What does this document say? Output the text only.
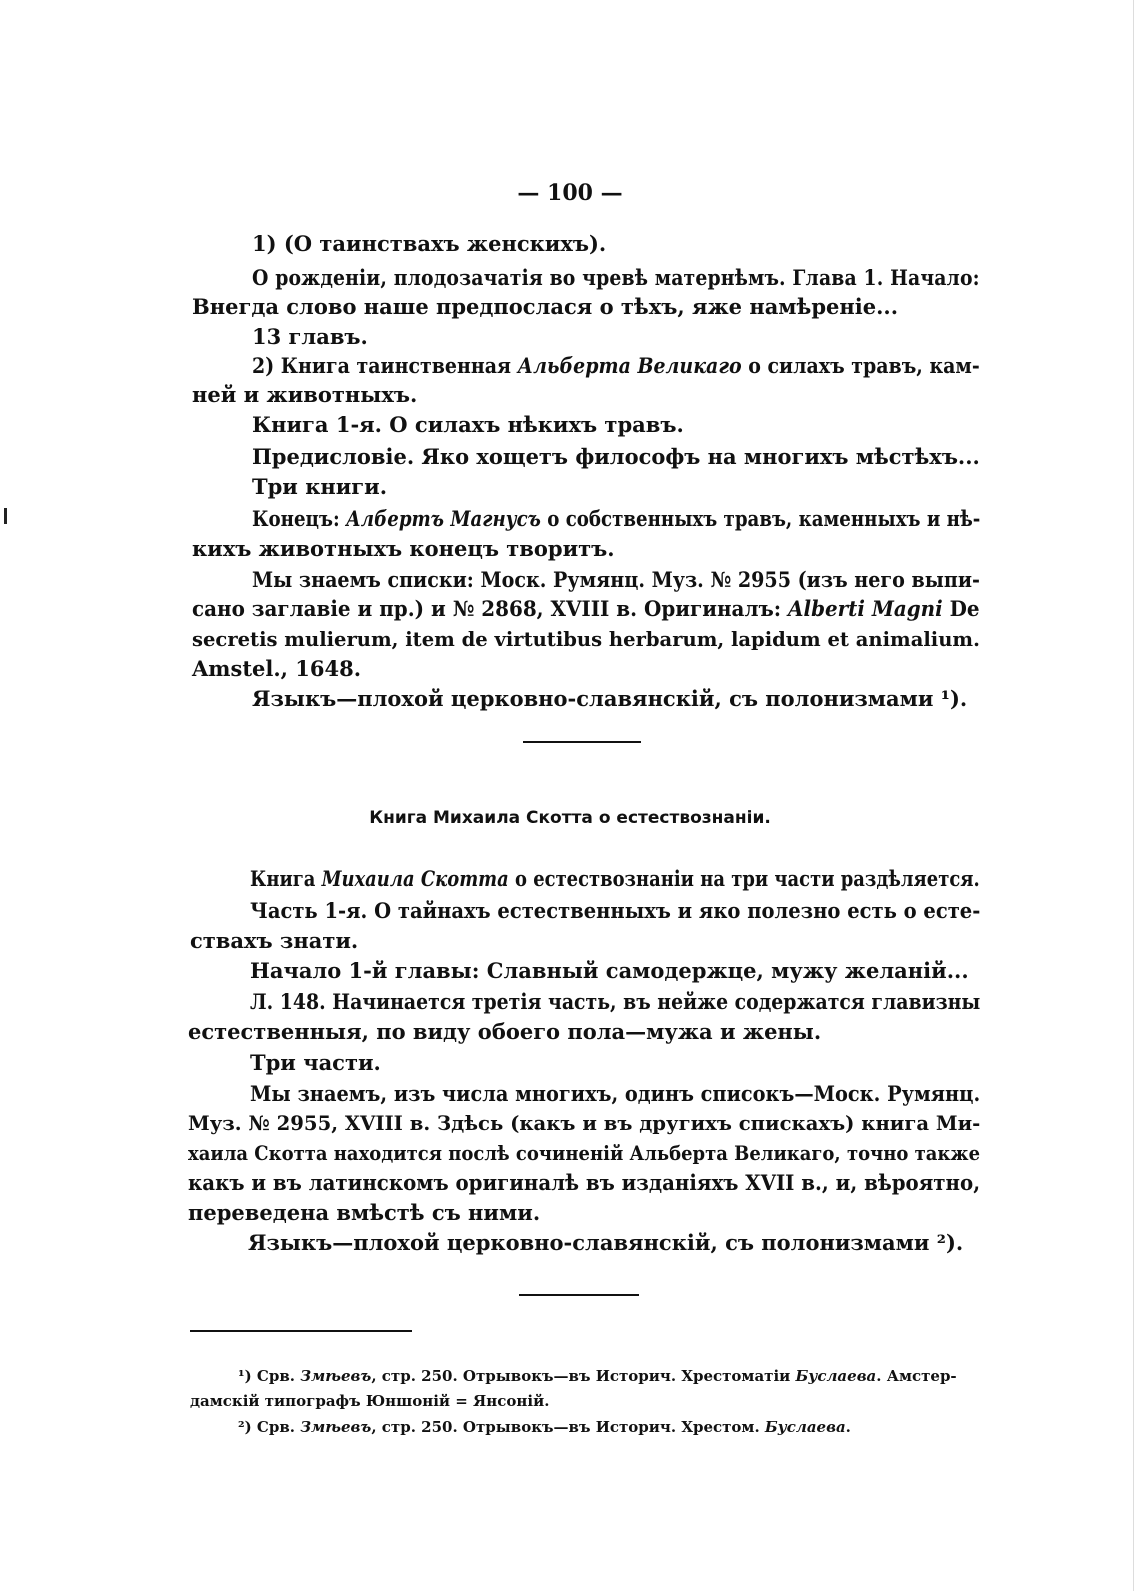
— 100 —
1) (О таинствахъ женскихъ).
О рожденіи, плодозачатія во чревѣ матернѣмъ. Глава 1. Начало:
Внегда слово наше предпослася о тѣхъ, яже намѣреніе...
13 главъ.
2) Книга таинственная Альберта Великаго о силахъ травъ, кам-
ней и животныхъ.
Книга 1-я. О силахъ нѣкихъ травъ.
Предисловіе. Яко хощетъ философъ на многихъ мѣстѣхъ...
Три книги.
Конецъ: Албертъ Магнусъ о собственныхъ травъ, каменныхъ и нѣ-
кихъ животныхъ конецъ творитъ.
Мы знаемъ списки: Моск. Румянц. Муз. № 2955 (изъ него выпи-
сано заглавіе и пр.) и № 2868, XVIII в. Оригиналъ: Alberti Magni De
secretis mulierum, item de virtutibus herbarum, lapidum et animalium.
Amstel., 1648.
Языкъ—плохой церковно-славянскій, съ полонизмами ¹).
Книга Михаила Скотта о естествознаніи.
Книга Михаила Скотта о естествознаніи на три части раздѣляется.
Часть 1-я. О тайнахъ естественныхъ и яко полезно есть о есте-
ствахъ знати.
Начало 1-й главы: Славный самодержце, мужу желаній...
Л. 148. Начинается третія часть, въ нейже содержатся главизны
естественныя, по виду обоего пола—мужа и жены.
Три части.
Мы знаемъ, изъ числа многихъ, одинъ списокъ—Моск. Румянц.
Муз. № 2955, XVIII в. Здѣсь (какъ и въ другихъ спискахъ) книга Ми-
хаила Скотта находится послѣ сочиненій Альберта Великаго, точно также
какъ и въ латинскомъ оригиналѣ въ изданіяхъ XVII в., и, вѣроятно,
переведена вмѣстѣ съ ними.
Языкъ—плохой церковно-славянскій, съ полонизмами ²).
¹) Срв. Змѣевъ, стр. 250. Отрывокъ—въ Историч. Хрестоматіи Буслаева. Амстер-
дамскій типографъ Юншоній = Янсоній.
²) Срв. Змѣевъ, стр. 250. Отрывокъ—въ Историч. Хрестом. Буслаева.
